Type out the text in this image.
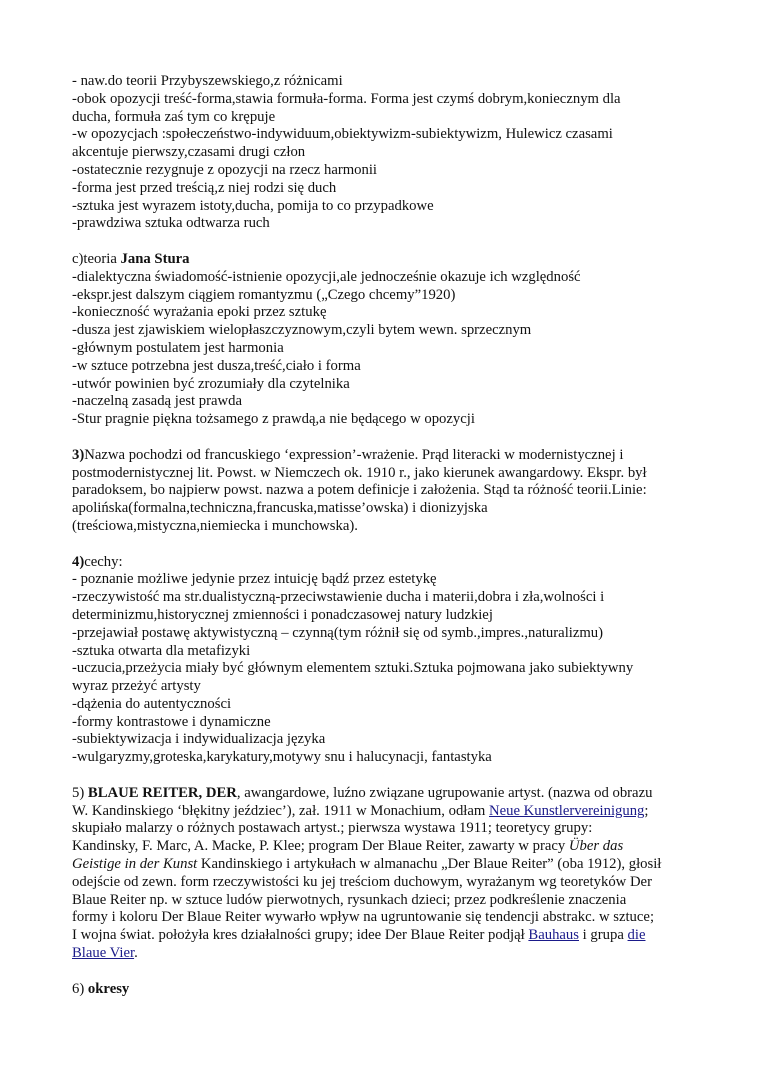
- naw.do teorii Przybyszewskiego,z różnicami
-obok opozycji treść-forma,stawia formuła-forma. Forma jest czymś dobrym,koniecznym dla
ducha, formuła zaś tym co krępuje
-w opozycjach :społeczeństwo-indywiduum,obiektywizm-subiektywizm, Hulewicz czasami
akcentuje pierwszy,czasami drugi człon
-ostatecznie rezygnuje z opozycji na rzecz harmonii
-forma jest przed treścią,z niej rodzi się duch
-sztuka jest wyrazem istoty,ducha, pomija to co przypadkowe
-prawdziwa sztuka odtwarza ruch
c)teoria Jana Stura
-dialektyczna świadomość-istnienie opozycji,ale jednocześnie okazuje ich względność
-ekspr.jest dalszym ciągiem romantyzmu („Czego chcemy”1920)
-konieczność wyrażania epoki przez sztukę
-dusza jest zjawiskiem wielopłaszczyznowym,czyli bytem wewn. sprzecznym
-głównym postulatem jest harmonia
-w sztuce potrzebna jest dusza,treść,ciało i forma
-utwór powinien być zrozumiały dla czytelnika
-naczelną zasadą jest prawda
-Stur pragnie piękna tożsamego z prawdą,a nie będącego w opozycji
3)Nazwa pochodzi od francuskiego ‘expression’-wrażenie. Prąd literacki w modernistycznej i
postmodernistycznej lit. Powst. w Niemczech ok. 1910 r., jako kierunek awangardowy. Ekspr. był
paradoksem, bo najpierw powst. nazwa a potem definicje i założenia. Stąd ta różność teorii.Linie:
apolińska(formalna,techniczna,francuska,matisse’owska) i dionizyjska
(treściowa,mistyczna,niemiecka i munchowska).
4)cechy:
- poznanie możliwe jedynie przez intuicję bądź przez estetykę
-rzeczywistość ma str.dualistyczną-przeciwstawienie ducha i materii,dobra i zła,wolności i
determinizmu,historycznej zmienności i ponadczasowej natury ludzkiej
-przejawiał postawę aktywistyczną – czynną(tym różnił się od symb.,impres.,naturalizmu)
-sztuka otwarta dla metafizyki
-uczucia,przeżycia miały być głównym elementem sztuki.Sztuka pojmowana jako subiektywny
wyraz przeżyć artysty
-dążenia do autentyczności
-formy kontrastowe i dynamiczne
-subiektywizacja i indywidualizacja języka
-wulgaryzmy,groteska,karykatury,motywy snu i halucynacji, fantastyka
5) BLAUE REITER, DER, awangardowe, luźno związane ugrupowanie artyst. (nazwa od obrazu
W. Kandinskiego ‘błękitny jeździec’), zał. 1911 w Monachium, odłam Neue Kunstlervereinigung;
skupiało malarzy o różnych postawach artyst.; pierwsza wystawa 1911; teoretycy grupy:
Kandinsky, F. Marc, A. Macke, P. Klee; program Der Blaue Reiter, zawarty w pracy Über das
Geistige in der Kunst Kandinskiego i artykułach w almanachu „Der Blaue Reiter” (oba 1912), głosił
odejście od zewn. form rzeczywistości ku jej treściom duchowym, wyrażanym wg teoretyków Der
Blaue Reiter np. w sztuce ludów pierwotnych, rysunkach dzieci; przez podkreślenie znaczenia
formy i koloru Der Blaue Reiter wywarło wpływ na ugruntowanie się tendencji abstrakc. w sztuce;
I wojna świat. położyła kres działalności grupy; idee Der Blaue Reiter podjął Bauhaus i grupa die
Blaue Vier.
6) okresy
